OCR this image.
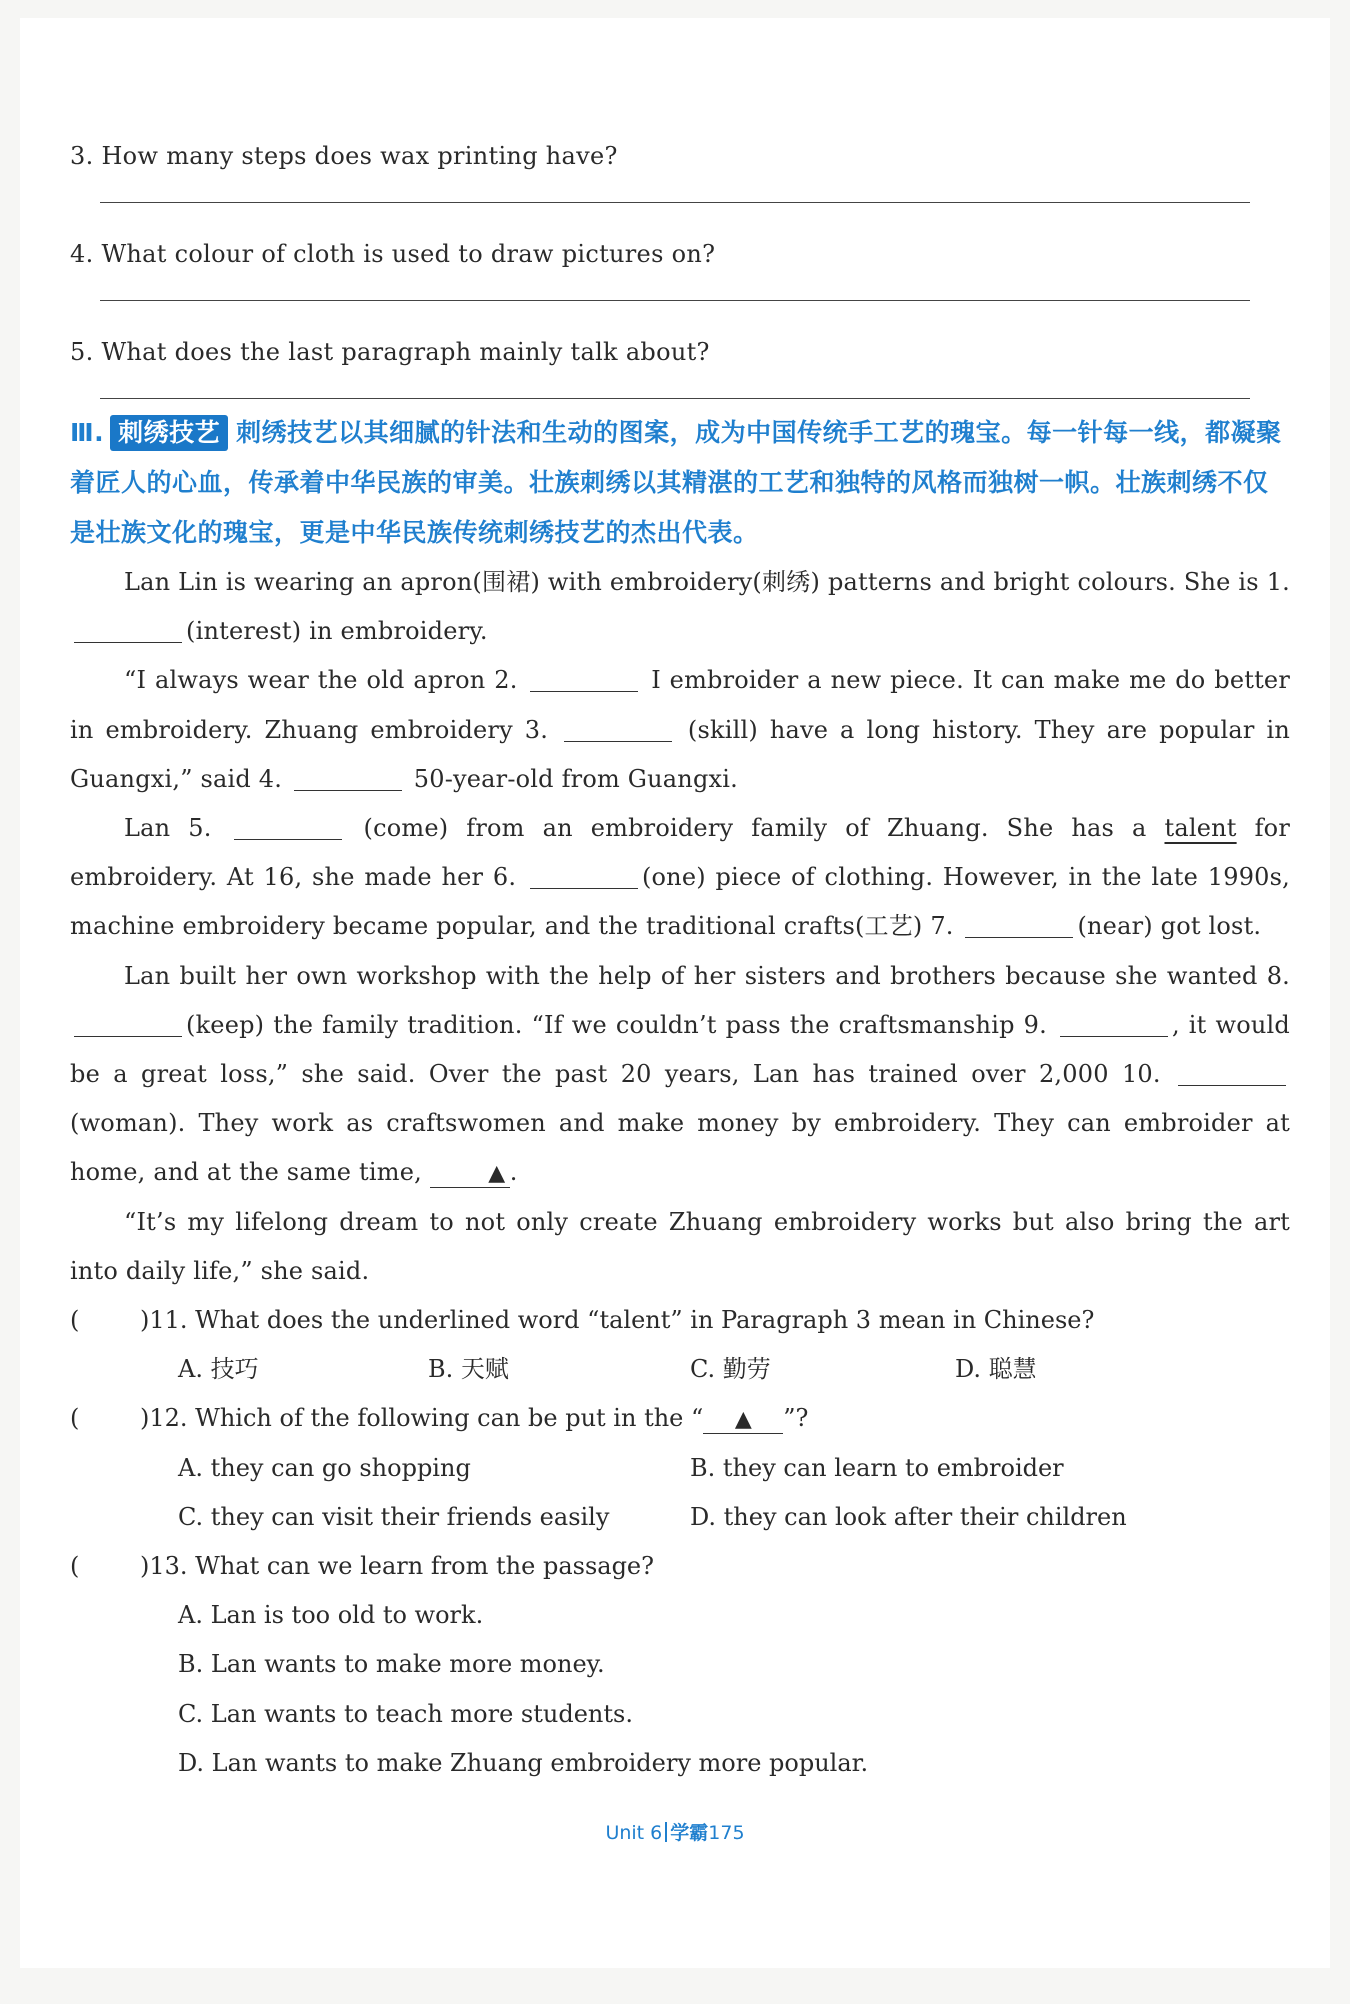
3. How many steps does wax printing have?
4. What colour of cloth is used to draw pictures on?
5. What does the last paragraph mainly talk about?
Ⅲ. 刺绣技艺 刺绣技艺以其细腻的针法和生动的图案，成为中国传统手工艺的瑰宝。每一针每一线，都凝聚着匠人的心血，传承着中华民族的审美。壮族刺绣以其精湛的工艺和独特的风格而独树一帜。壮族刺绣不仅是壮族文化的瑰宝，更是中华民族传统刺绣技艺的杰出代表。

Lan Lin is wearing an apron(围裙) with embroidery(刺绣) patterns and bright colours. She is 1. (interest) in embroidery.

“I always wear the old apron 2.	I embroider a new piece. It can make me do better in embroidery. Zhuang embroidery 3.	(skill) have a long history. They are popular in Guangxi,” said 4.	50-year-old from Guangxi.

Lan 5.	(come) from an embroidery family of Zhuang. She has a talent for embroidery. At 16, she made her 6.	(one) piece of clothing. However, in the late 1990s, machine embroidery became popular, and the traditional crafts(工艺) 7.	(near) got lost.

Lan built her own workshop with the help of her sisters and brothers because she wanted 8. (keep) the family tradition. “If we couldn’t pass the craftsmanship 9.	, it would be a great loss,” she said. Over the past 20 years, Lan has trained over 2,000 10. (woman). They work as craftswomen and make money by embroidery. They can embroider at home, and at the same time,	▲ .

“It’s my lifelong dream to not only create Zhuang embroidery works but also bring the art into daily life,” she said.

(	)11. What does the underlined word “talent” in Paragraph 3 mean in Chinese?
A. 技巧	B. 天赋	C. 勤劳	D. 聪慧
(	)12. Which of the following can be put in the “ ▲ ”?
A. they can go shopping	B. they can learn to embroider
C. they can visit their friends easily	D. they can look after their children
(	)13. What can we learn from the passage?
A. Lan is too old to work.
B. Lan wants to make more money.
C. Lan wants to teach more students.
D. Lan wants to make Zhuang embroidery more popular.
Unit 6 学霸175
